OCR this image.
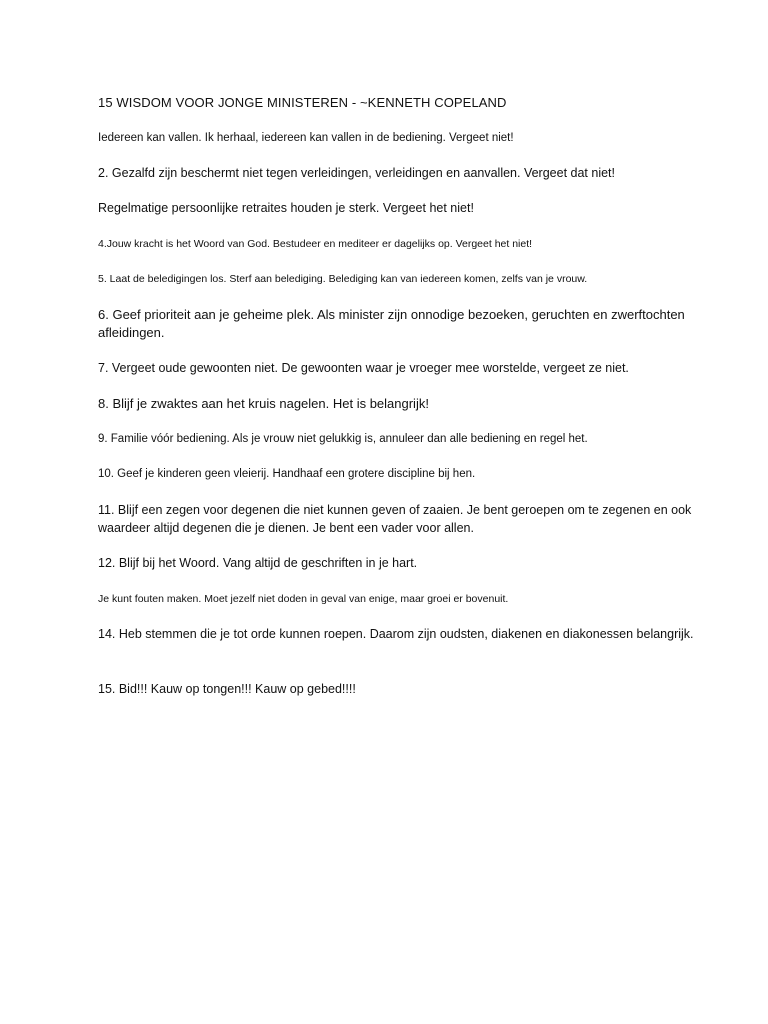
15 WISDOM VOOR JONGE MINISTEREN - ~KENNETH COPELAND

Iedereen kan vallen. Ik herhaal, iedereen kan vallen in de bediening. Vergeet niet!

2. Gezalfd zijn beschermt niet tegen verleidingen, verleidingen en aanvallen. Vergeet dat niet!

Regelmatige persoonlijke retraites houden je sterk. Vergeet het niet!

4.Jouw kracht is het Woord van God. Bestudeer en mediteer er dagelijks op. Vergeet het niet!

5. Laat de beledigingen los. Sterf aan belediging. Belediging kan van iedereen komen, zelfs van je vrouw.

6. Geef prioriteit aan je geheime plek. Als minister zijn onnodige bezoeken, geruchten en zwerftochten afleidingen.

7. Vergeet oude gewoonten niet. De gewoonten waar je vroeger mee worstelde, vergeet ze niet.

8. Blijf je zwaktes aan het kruis nagelen. Het is belangrijk!

9. Familie vóór bediening. Als je vrouw niet gelukkig is, annuleer dan alle bediening en regel het.

10. Geef je kinderen geen vleierij. Handhaaf een grotere discipline bij hen.

11. Blijf een zegen voor degenen die niet kunnen geven of zaaien. Je bent geroepen om te zegenen en ook waardeer altijd degenen die je dienen. Je bent een vader voor allen.

12. Blijf bij het Woord. Vang altijd de geschriften in je hart.

Je kunt fouten maken. Moet jezelf niet doden in geval van enige, maar groei er bovenuit.

14. Heb stemmen die je tot orde kunnen roepen. Daarom zijn oudsten, diakenen en diakonessen belangrijk.

15. Bid!!! Kauw op tongen!!! Kauw op gebed!!!!
